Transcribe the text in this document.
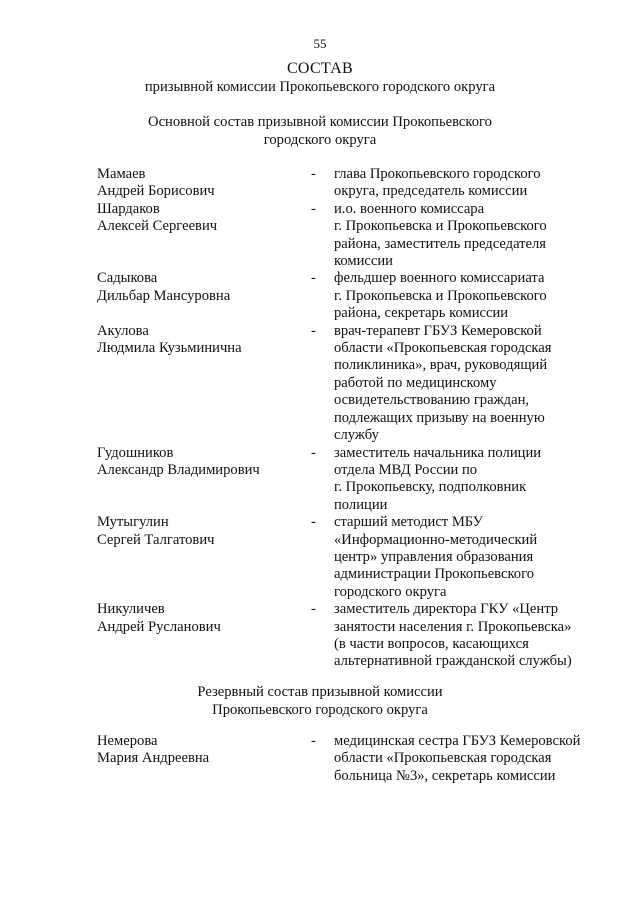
55
СОСТАВ
призывной комиссии Прокопьевского городского округа
Основной состав призывной комиссии Прокопьевского
городского округа
Мамаев
Андрей Борисович
-	глава Прокопьевского городского
округа, председатель комиссии
Шардаков
Алексей Сергеевич
-	и.о. военного комиссара
г. Прокопьевска и Прокопьевского
района, заместитель председателя
комиссии
Садыкова
Дильбар Мансуровна
-	фельдшер военного комиссариата
г. Прокопьевска и Прокопьевского
района, секретарь комиссии
Акулова
Людмила Кузьминична
-	врач-терапевт ГБУЗ Кемеровской
области «Прокопьевская городская
поликлиника», врач, руководящий
работой по медицинскому
освидетельствованию граждан,
подлежащих призыву на военную
службу
Гудошников
Александр Владимирович
-	заместитель начальника полиции
отдела МВД России по
г. Прокопьевску, подполковник
полиции
Мутыгулин
Сергей Талгатович
-	старший методист МБУ
«Информационно-методический
центр» управления образования
администрации Прокопьевского
городского округа
Никуличев
Андрей Русланович
-	заместитель директора ГКУ «Центр
занятости населения г. Прокопьевска»
(в части вопросов, касающихся
альтернативной гражданской службы)
Резервный состав призывной комиссии
Прокопьевского городского округа
Немерова
Мария Андреевна
-	медицинская сестра ГБУЗ Кемеровской
области «Прокопьевская городская
больница №3», секретарь комиссии
